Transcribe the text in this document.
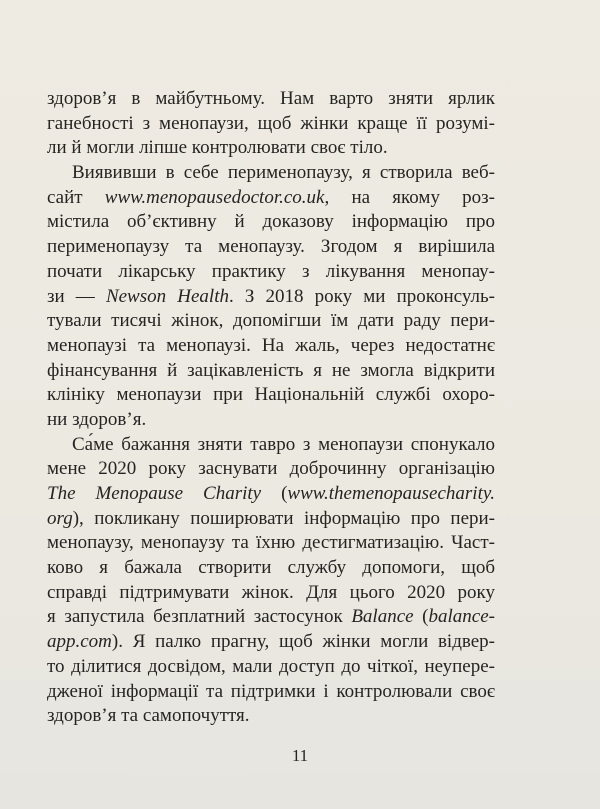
здоров’я в майбутньому. Нам варто зняти ярлик
ганебності з менопаузи, щоб жінки краще її розумі-
ли й могли ліпше контролювати своє тіло.
Виявивши в себе перименопаузу, я створила веб-
сайт www.menopausedoctor.co.uk, на якому роз-
містила об’єктивну й доказову інформацію про
перименопаузу та менопаузу. Згодом я вирішила
почати лікарську практику з лікування менопау-
зи — Newson Health. З 2018 року ми проконсуль-
тували тисячі жінок, допомігши їм дати раду пери-
менопаузі та менопаузі. На жаль, через недостатнє
фінансування й зацікавленість я не змогла відкрити
клініку менопаузи при Національній службі охоро-
ни здоров’я.
Са́ме бажання зняти тавро з менопаузи спонукало
мене 2020 року заснувати доброчинну організацію
The Menopause Charity (www.themenopausecharity.
org), покликану поширювати інформацію про пери-
менопаузу, менопаузу та їхню дестигматизацію. Част-
ково я бажала створити службу допомоги, щоб
справді підтримувати жінок. Для цього 2020 року
я запустила безплатний застосунок Balance (balance-
app.com). Я палко прагну, щоб жінки могли відвер-
то ділитися досвідом, мали доступ до чіткої, неупере-
дженої інформації та підтримки і контролювали своє
здоров’я та самопочуття.
11
